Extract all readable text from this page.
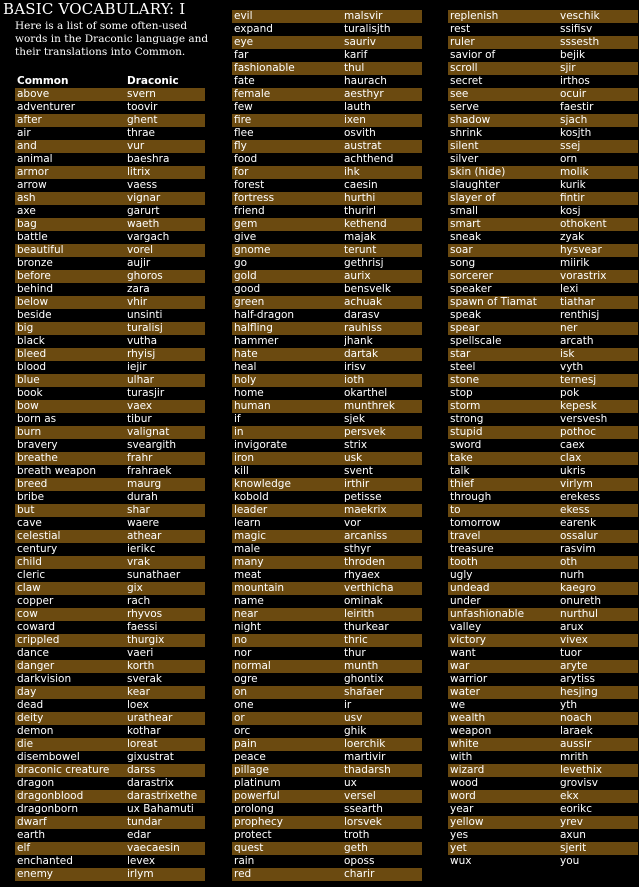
BASIC VOCABULARY: I
Here is a list of some often-used words in the Draconic language and their translations into Common.
Common	Draconic
above	svern
adventurer	toovir
after	ghent
air	thrae
and	vur
animal	baeshra
armor	litrix
arrow	vaess
ash	vignar
axe	garurt
bag	waeth
battle	vargach
beautiful	vorel
bronze	aujir
before	ghoros
behind	zara
below	vhir
beside	unsinti
big	turalisj
black	vutha
bleed	rhyisj
blood	iejir
blue	ulhar
book	turasjir
bow	vaex
born as	tibur
burn	valignat
bravery	sveargith
breathe	frahr
breath weapon	frahraek
breed	maurg
bribe	durah
but	shar
cave	waere
celestial	athear
century	ierikc
child	vrak
cleric	sunathaer
claw	gix
copper	rach
cow	rhyvos
coward	faessi
crippled	thurgix
dance	vaeri
danger	korth
darkvision	sverak
day	kear
dead	loex
deity	urathear
demon	kothar
die	loreat
disembowel	gixustrat
draconic creature	darss
dragon	darastrix
dragonblood	darastrixethe
dragonborn	ux Bahamuti
dwarf	tundar
earth	edar
elf	vaecaesin
enchanted	levex
enemy	irlym
evil	malsvir
expand	turalisjth
eye	sauriv
far	karif
fashionable	thul
fate	haurach
female	aesthyr
few	lauth
fire	ixen
flee	osvith
fly	austrat
food	achthend
for	ihk
forest	caesin
fortress	hurthi
friend	thurirl
gem	kethend
give	majak
gnome	terunt
go	gethrisj
gold	aurix
good	bensvelk
green	achuak
half-dragon	darasv
halfling	rauhiss
hammer	jhank
hate	dartak
heal	irisv
holy	ioth
home	okarthel
human	munthrek
if	sjek
in	persvek
invigorate	strix
iron	usk
kill	svent
knowledge	irthir
kobold	petisse
leader	maekrix
learn	vor
magic	arcaniss
male	sthyr
many	throden
meat	rhyaex
mountain	verthicha
name	ominak
near	leirith
night	thurkear
no	thric
nor	thur
normal	munth
ogre	ghontix
on	shafaer
one	ir
or	usv
orc	ghik
pain	loerchik
peace	martivir
pillage	thadarsh
platinum	ux
powerful	versel
prolong	ssearth
prophecy	lorsvek
protect	troth
quest	geth
rain	oposs
red	charir
replenish	veschik
rest	ssifisv
ruler	sssesth
savior of	bejik
scroll	sjir
secret	irthos
see	ocuir
serve	faestir
shadow	sjach
shrink	kosjth
silent	ssej
silver	orn
skin (hide)	molik
slaughter	kurik
slayer of	fintir
small	kosj
smart	othokent
sneak	zyak
soar	hysvear
song	miirik
sorcerer	vorastrix
speaker	lexi
spawn of Tiamat	tiathar
speak	renthisj
spear	ner
spellscale	arcath
star	isk
steel	vyth
stone	ternesj
stop	pok
storm	kepesk
strong	versvesh
stupid	pothoc
sword	caex
take	clax
talk	ukris
thief	virlym
through	erekess
to	ekess
tomorrow	earenk
travel	ossalur
treasure	rasvim
tooth	oth
ugly	nurh
undead	kaegro
under	onureth
unfashionable	nurthul
valley	arux
victory	vivex
want	tuor
war	aryte
warrior	arytiss
water	hesjing
we	yth
wealth	noach
weapon	laraek
white	aussir
with	mrith
wizard	levethix
wood	grovisv
word	ekx
year	eorikc
yellow	yrev
yes	axun
yet	sjerit
wux	you
